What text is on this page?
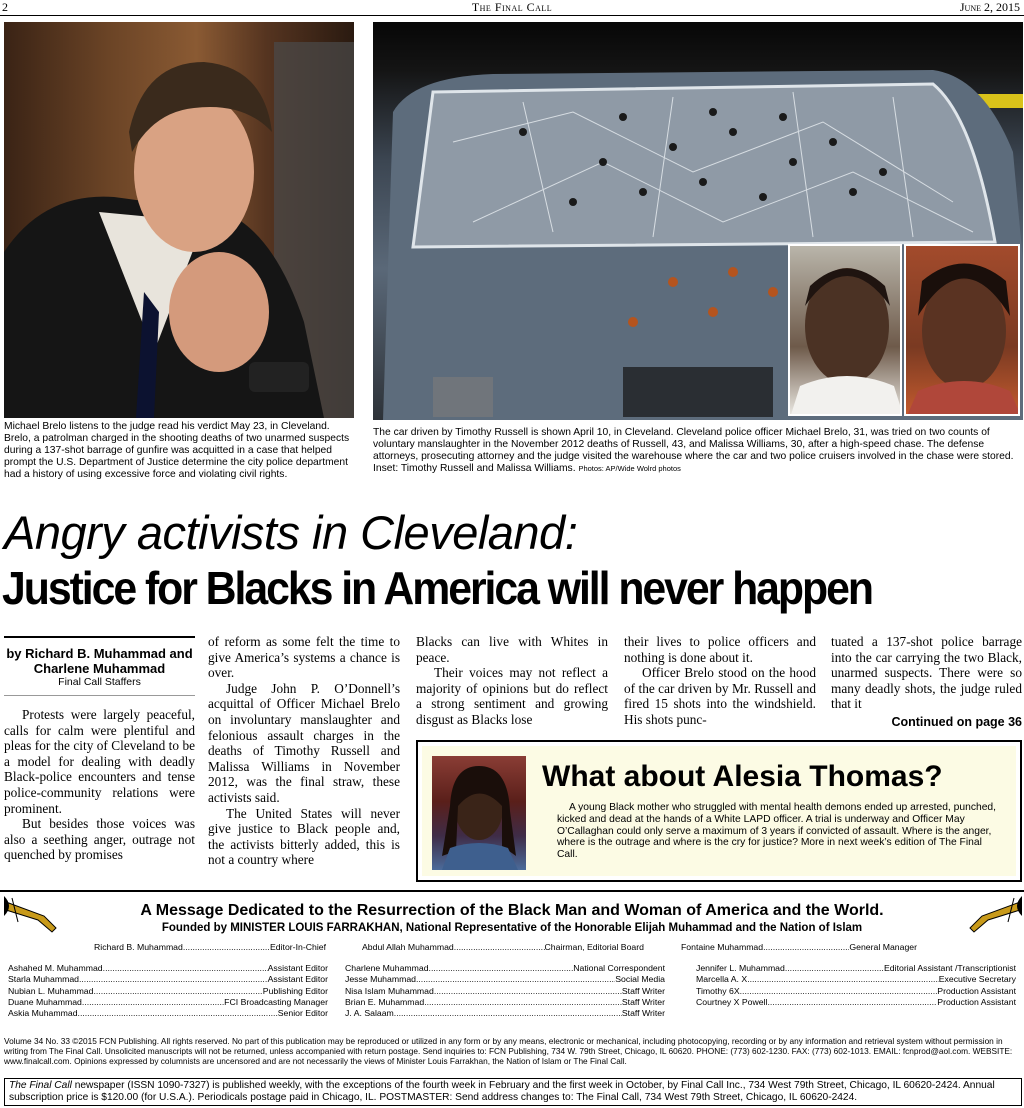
2	The Final Call	June 2, 2015
Michael Brelo listens to the judge read his verdict May 23, in Cleveland. Brelo, a patrolman charged in the shooting deaths of two unarmed suspects during a 137-shot barrage of gunfire was acquitted in a case that helped prompt the U.S. Department of Justice determine the city police department had a history of using excessive force and violating civil rights.
The car driven by Timothy Russell is shown April 10, in Cleveland. Cleveland police officer Michael Brelo, 31, was tried on two counts of voluntary manslaughter in the November 2012 deaths of Russell, 43, and Malissa Williams, 30, after a high-speed chase. The defense attorneys, prosecuting attorney and the judge visited the warehouse where the car and two police cruisers involved in the chase were stored. Inset: Timothy Russell and Malissa Williams. Photos: AP/Wide Wolrd photos
Angry activists in Cleveland:
Justice for Blacks in America will never happen
by Richard B. Muhammad and Charlene Muhammad
Final Call Staffers

Protests were largely peaceful, calls for calm were plentiful and pleas for the city of Cleveland to be a model for dealing with deadly Black-police encounters and tense police-community relations were prominent.

But besides those voices was also a seething anger, outrage not quenched by promises

of reform as some felt the time to give America’s systems a chance is over.

Judge John P. O’Donnell’s acquittal of Officer Michael Brelo on involuntary manslaughter and felonious assault charges in the deaths of Timothy Russell and Malissa Williams in November 2012, was the final straw, these activists said.

The United States will never give justice to Black people and, the activists bitterly added, this is not a country where

Blacks can live with Whites in peace.

Their voices may not reflect a majority of opinions but do reflect a strong sentiment and growing disgust as Blacks lose

their lives to police officers and nothing is done about it.

Officer Brelo stood on the hood of the car driven by Mr. Russell and fired 15 shots into the windshield. His shots punc-

tuated a 137-shot police barrage into the car carrying the two Black, unarmed suspects. There were so many deadly shots, the judge ruled that it

Continued on page 36
What about Alesia Thomas?
A young Black mother who struggled with mental health demons ended up arrested, punched, kicked and dead at the hands of a White LAPD officer. A trial is underway and Officer May O’Callaghan could only serve a maximum of 3 years if convicted of assault. Where is the anger, where is the outrage and where is the cry for justice? More in next week’s edition of The Final Call.
A Message Dedicated to the Resurrection of the Black Man and Woman of America and the World.
Founded by MINISTER LOUIS FARRAKHAN, National Representative of the Honorable Elijah Muhammad and the Nation of Islam
Richard B. Muhammad .....	Editor-In-Chief	Abdul Allah Muhammad .....	Chairman, Editorial Board	Fontaine Muhammad .....	General Manager
Ashahed M. Muhammad .....	Assistant Editor
Starla Muhammad .....	Assistant Editor
Nubian L. Muhammad .....	Publishing Editor
Duane Muhammad .....	FCI Broadcasting Manager
Askia Muhammad .....	Senior Editor
Charlene Muhammad .....	National Correspondent
Jesse Muhammad .....	Social Media
Nisa Islam Muhammad .....	Staff Writer
Brian E. Muhammad .....	Staff Writer
J. A. Salaam .....	Staff Writer
Jennifer L. Muhammad .....	Editorial Assistant /Transcriptionist
Marcella A. X .....	Executive Secretary
Timothy 6X .....	Production Assistant
Courtney X Powell .....	Production Assistant
Volume 34 No. 33 ©2015 FCN Publishing. All rights reserved. No part of this publication may be reproduced or utilized in any form or by any means, electronic or mechanical, including photocopying, recording or by any information and retrieval system without permission in writing from The Final Call. Unsolicited manuscripts will not be returned, unless accompanied with return postage. Send inquiries to: FCN Publishing, 734 W. 79th Street, Chicago, IL 60620. PHONE: (773) 602-1230. FAX: (773) 602-1013. EMAIL: fcnprod@aol.com. WEBSITE: www.finalcall.com. Opinions expressed by columnists are uncensored and are not necessarily the views of Minister Louis Farrakhan, the Nation of Islam or The Final Call.
The Final Call newspaper (ISSN 1090-7327) is published weekly, with the exceptions of the fourth week in February and the first week in October, by Final Call Inc., 734 West 79th Street, Chicago, IL 60620-2424. Annual subscription price is $120.00 (for U.S.A.). Periodicals postage paid in Chicago, IL. POSTMASTER: Send address changes to: The Final Call, 734 West 79th Street, Chicago, IL 60620-2424.
